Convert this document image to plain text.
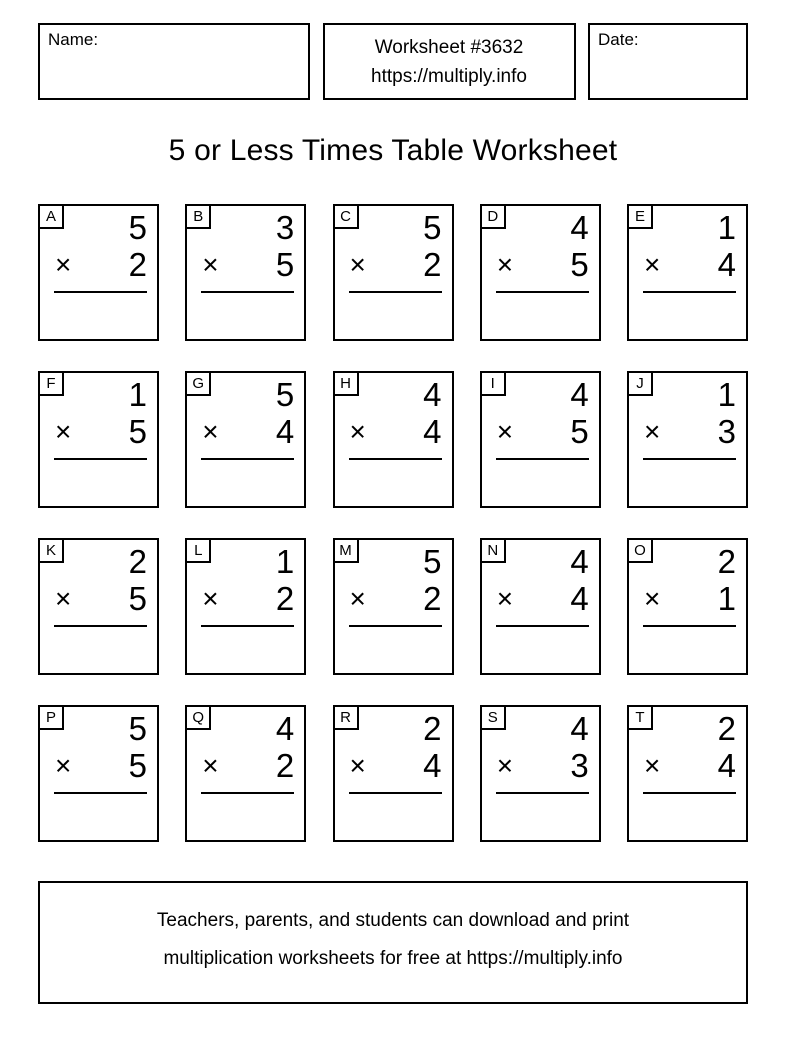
Name:	Worksheet #3632
https://multiply.info
Date:
5 or Less Times Table Worksheet
A	5
× 2
B	3
× 5
C	5
× 2
D	4
× 5
E	1
× 4
F	1
× 5
G	5
× 4
H	4
× 4
I	4
× 5
J	1
× 3
K	2
× 5
L	1
× 2
M	5
× 2
N	4
× 4
O	2
× 1
P	5
× 5
Q	4
× 2
R	2
× 4
S	4
× 3
T	2
× 4
Teachers, parents, and students can download and print
multiplication worksheets for free at https://multiply.info
